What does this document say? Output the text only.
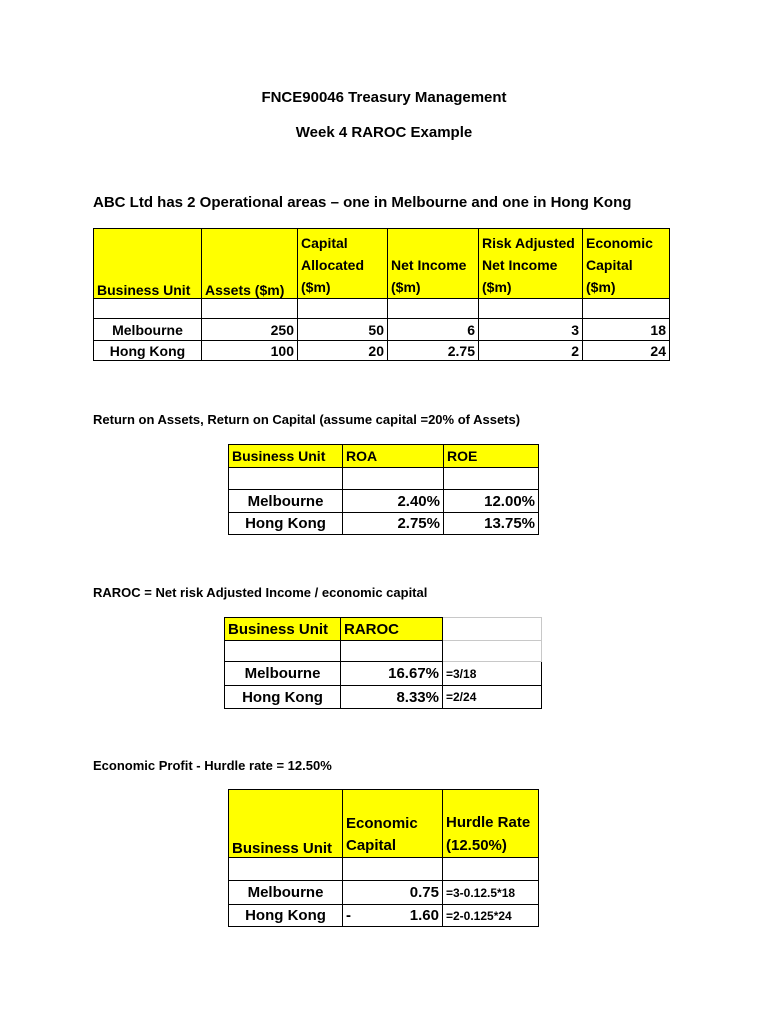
FNCE90046 Treasury Management
Week 4 RAROC Example
ABC Ltd has 2 Operational areas – one in Melbourne and one in Hong Kong
Business Unit	Assets ($m)	Capital Allocated ($m)	Net Income ($m)	Risk Adjusted Net Income ($m)	Economic Capital ($m)

Melbourne	250	50	6	3	18
Hong Kong	100	20	2.75	2	24
Return on Assets, Return on Capital (assume capital =20% of Assets)
Business Unit	ROA	ROE

Melbourne	2.40%	12.00%
Hong Kong	2.75%	13.75%
RAROC = Net risk Adjusted Income / economic capital
Business Unit	RAROC	

Melbourne	16.67%	=3/18
Hong Kong	8.33%	=2/24
Economic Profit - Hurdle rate = 12.50%
Business Unit	Economic Capital	Hurdle Rate (12.50%)

Melbourne	0.75	=3-0.12.5*18
Hong Kong	- 1.60	=2-0.125*24
